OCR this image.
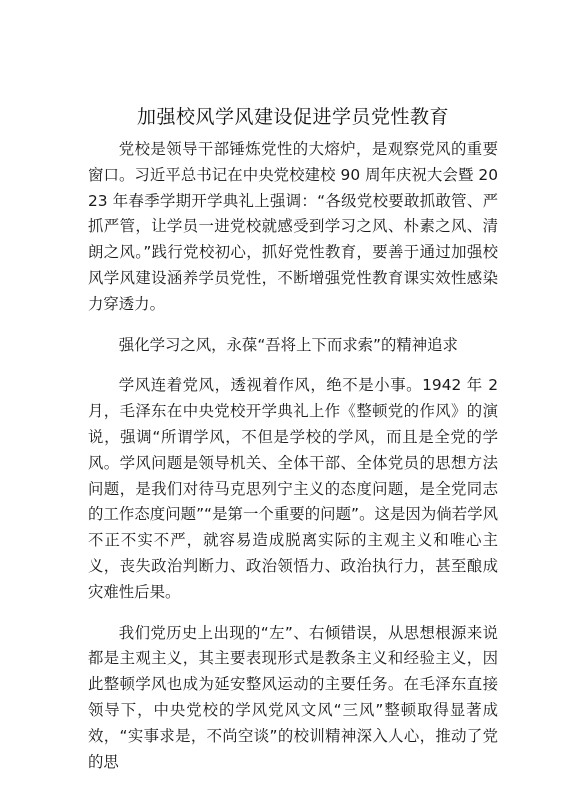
加强校风学风建设促进学员党性教育

党校是领导干部锤炼党性的大熔炉，是观察党风的重要窗口。习近平总书记在中央党校建校 90 周年庆祝大会暨 2023 年春季学期开学典礼上强调：“各级党校要敢抓敢管、严抓严管，让学员一进党校就感受到学习之风、朴素之风、清朗之风。”践行党校初心，抓好党性教育，要善于通过加强校风学风建设涵养学员党性，不断增强党性教育课实效性感染力穿透力。

强化学习之风，永葆“吾将上下而求索”的精神追求

学风连着党风，透视着作风，绝不是小事。1942 年 2 月，毛泽东在中央党校开学典礼上作《整顿党的作风》的演说，强调“所谓学风，不但是学校的学风，而且是全党的学风。学风问题是领导机关、全体干部、全体党员的思想方法问题，是我们对待马克思列宁主义的态度问题，是全党同志的工作态度问题”“是第一个重要的问题”。这是因为倘若学风不正不实不严，就容易造成脱离实际的主观主义和唯心主义，丧失政治判断力、政治领悟力、政治执行力，甚至酿成灾难性后果。

我们党历史上出现的“左”、右倾错误，从思想根源来说都是主观主义，其主要表现形式是教条主义和经验主义，因此整顿学风也成为延安整风运动的主要任务。在毛泽东直接领导下，中央党校的学风党风文风“三风”整顿取得显著成效，“实事求是，不尚空谈”的校训精神深入人心，推动了党的思
